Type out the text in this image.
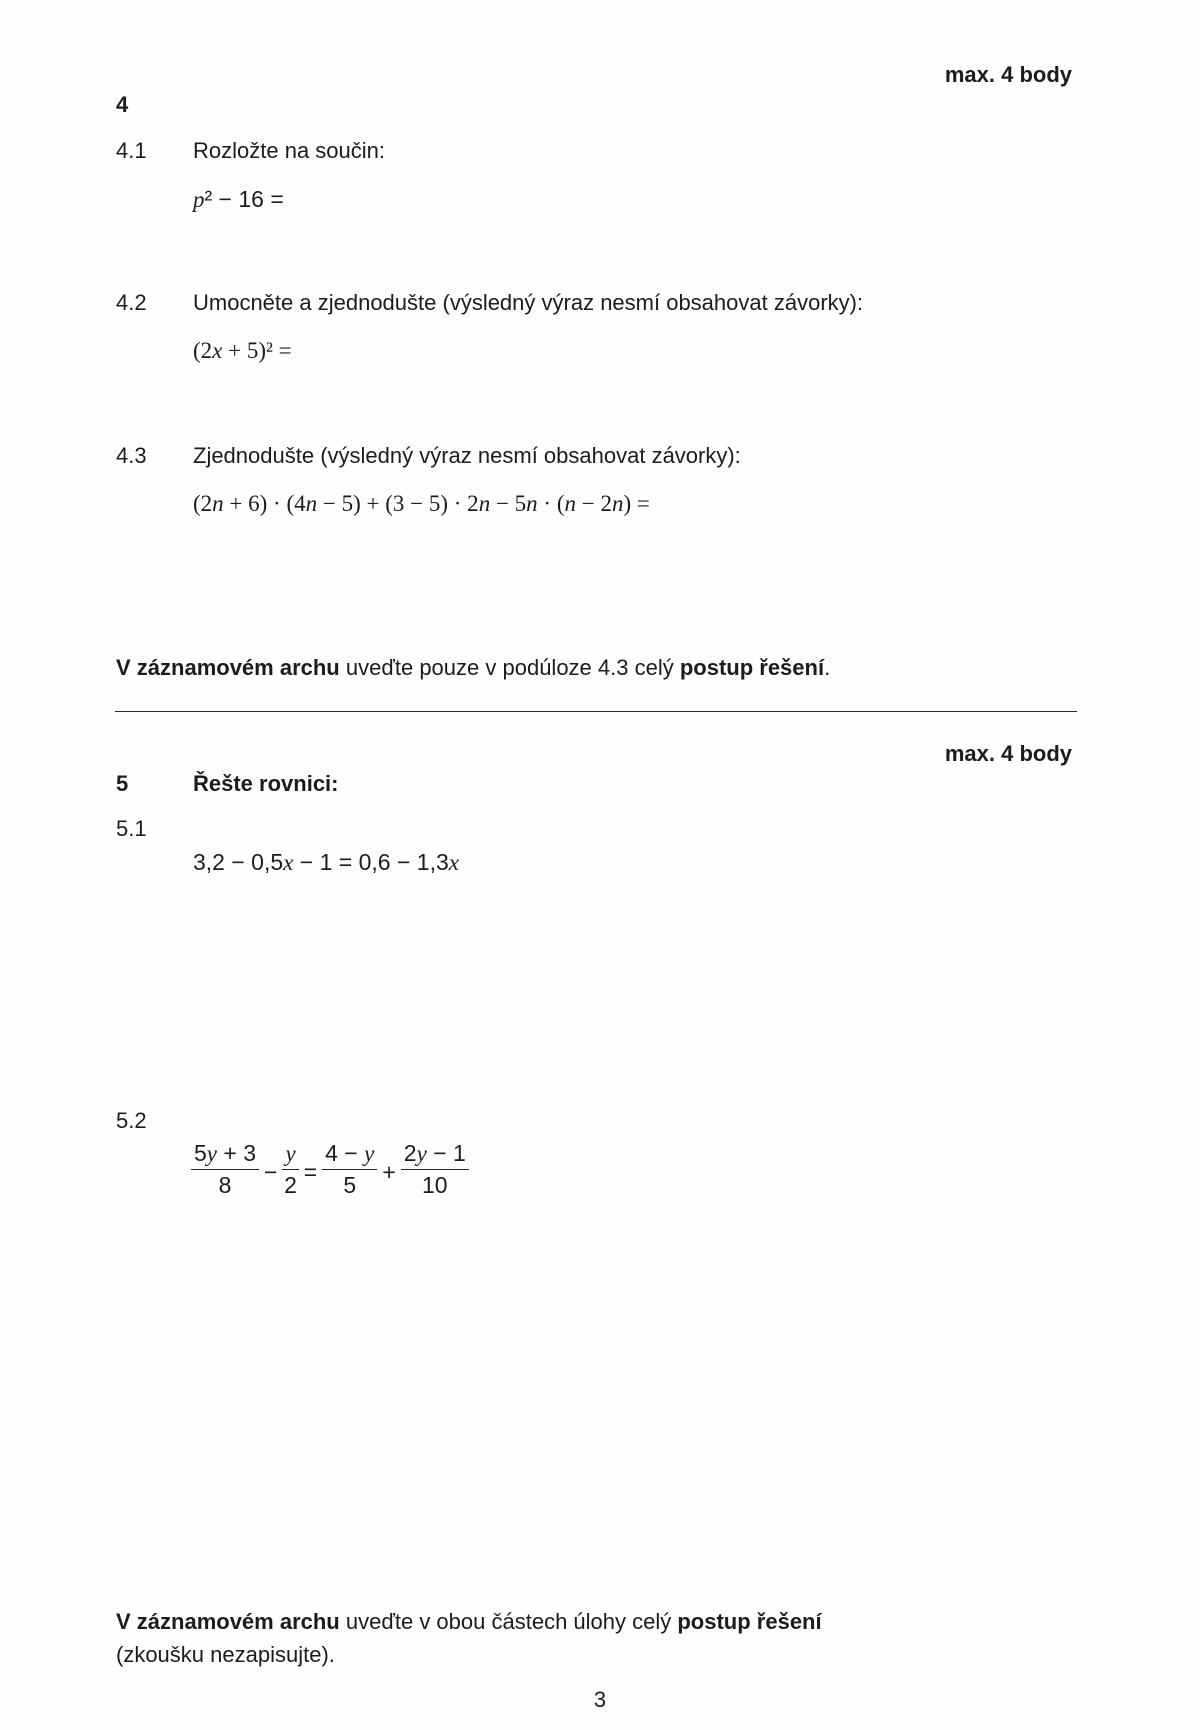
max. 4 body
4
4.1 Rozložte na součin:
p² − 16 =
4.2 Umocněte a zjednodušte (výsledný výraz nesmí obsahovat závorky):
(2x + 5)² =
4.3 Zjednodušte (výsledný výraz nesmí obsahovat závorky):
(2n + 6) · (4n − 5) + (3 − 5) · 2n − 5n · (n − 2n) =
V záznamovém archu uveďte pouze v podúloze 4.3 celý postup řešení.
max. 4 body
5	Řešte rovnici:
5.1
3,2 − 0,5x − 1 = 0,6 − 1,3x
5.2
$\frac{5y + 3}{8} - \frac{y}{2} = \frac{4 - y}{5} + \frac{2y - 1}{10}$
V záznamovém archu uveďte v obou částech úlohy celý postup řešení
(zkoušku nezapisujte).
3
